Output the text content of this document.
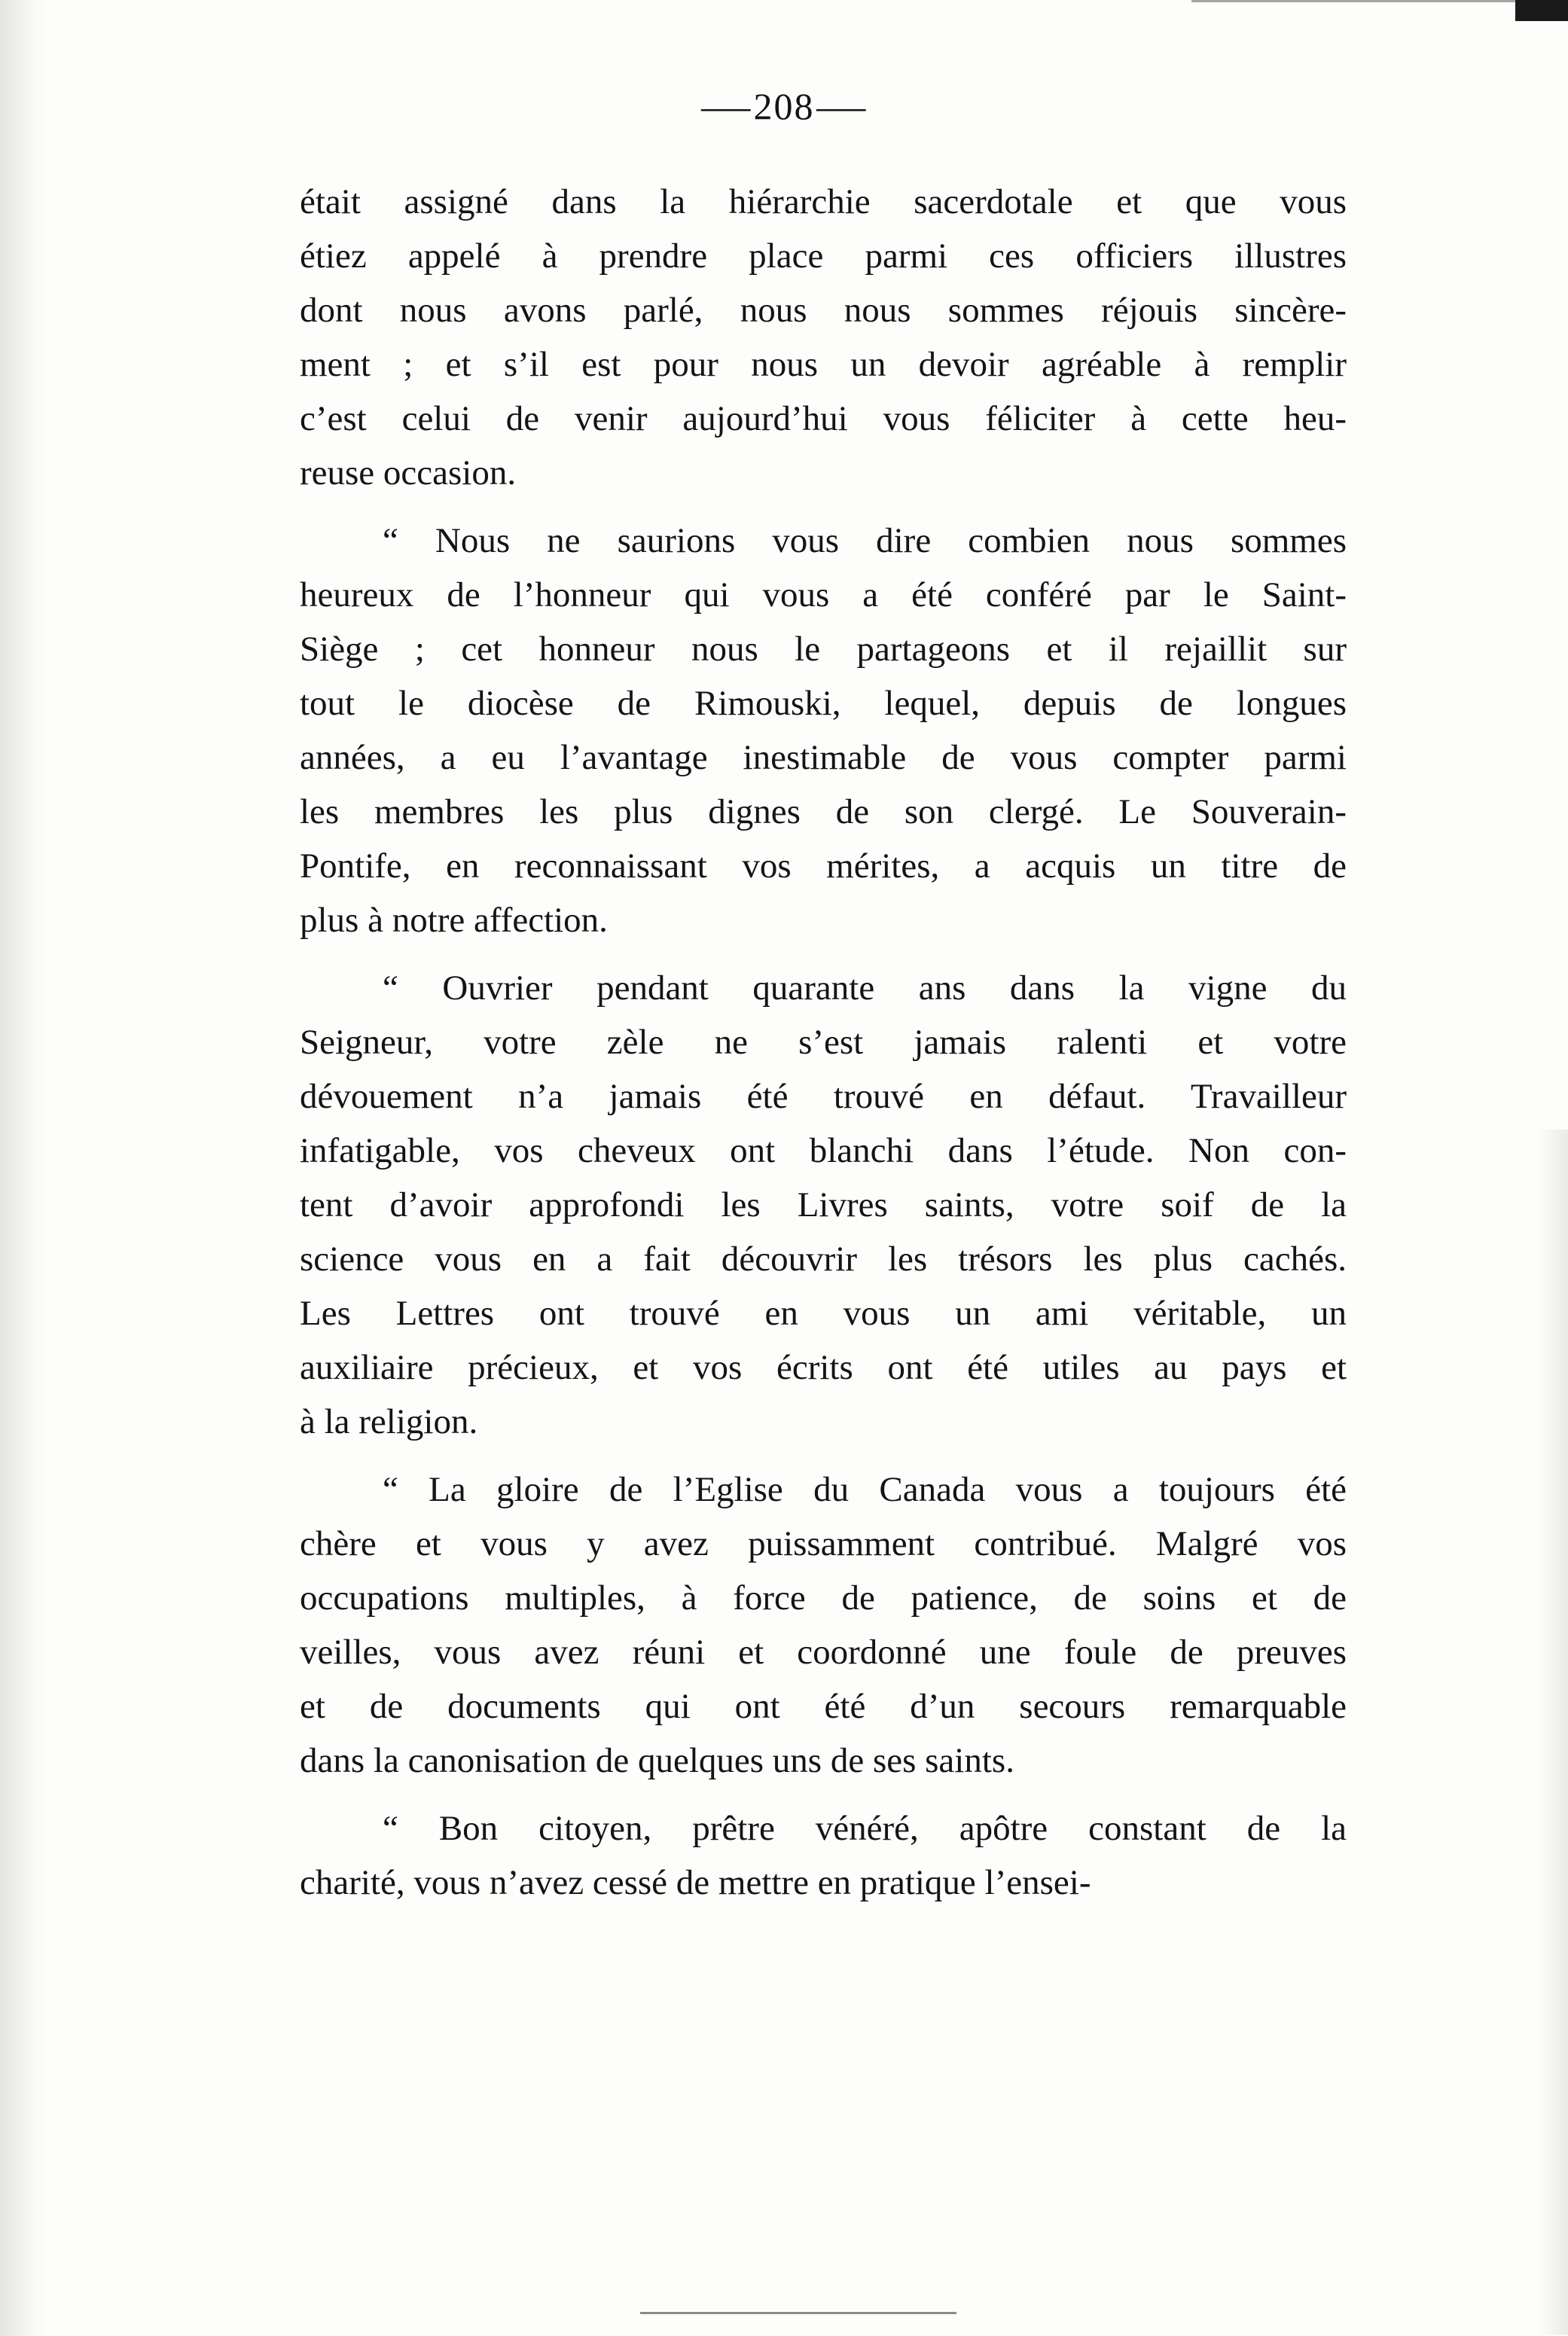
— 208 —
était assigné dans la hiérarchie sacerdotale et que vous
étiez appelé à prendre place parmi ces officiers illustres
dont nous avons parlé, nous nous sommes réjouis sincère-
ment ; et s’il est pour nous un devoir agréable à remplir
c’est celui de venir aujourd’hui vous féliciter à cette heu-
reuse occasion.
“ Nous ne saurions vous dire combien nous sommes
heureux de l’honneur qui vous a été conféré par le Saint-
Siège ; cet honneur nous le partageons et il rejaillit sur
tout le diocèse de Rimouski, lequel, depuis de longues
années, a eu l’avantage inestimable de vous compter parmi
les membres les plus dignes de son clergé. Le Souverain-
Pontife, en reconnaissant vos mérites, a acquis un titre de
plus à notre affection.
“ Ouvrier pendant quarante ans dans la vigne du
Seigneur, votre zèle ne s’est jamais ralenti et votre
dévouement n’a jamais été trouvé en défaut. Travailleur
infatigable, vos cheveux ont blanchi dans l’étude. Non con-
tent d’avoir approfondi les Livres saints, votre soif de la
science vous en a fait découvrir les trésors les plus cachés.
Les Lettres ont trouvé en vous un ami véritable, un
auxiliaire précieux, et vos écrits ont été utiles au pays et
à la religion.
“ La gloire de l’Eglise du Canada vous a toujours été
chère et vous y avez puissamment contribué. Malgré vos
occupations multiples, à force de patience, de soins et de
veilles, vous avez réuni et coordonné une foule de preuves
et de documents qui ont été d’un secours remarquable
dans la canonisation de quelques uns de ses saints.
“ Bon citoyen, prêtre vénéré, apôtre constant de la
charité, vous n’avez cessé de mettre en pratique l’ensei-
